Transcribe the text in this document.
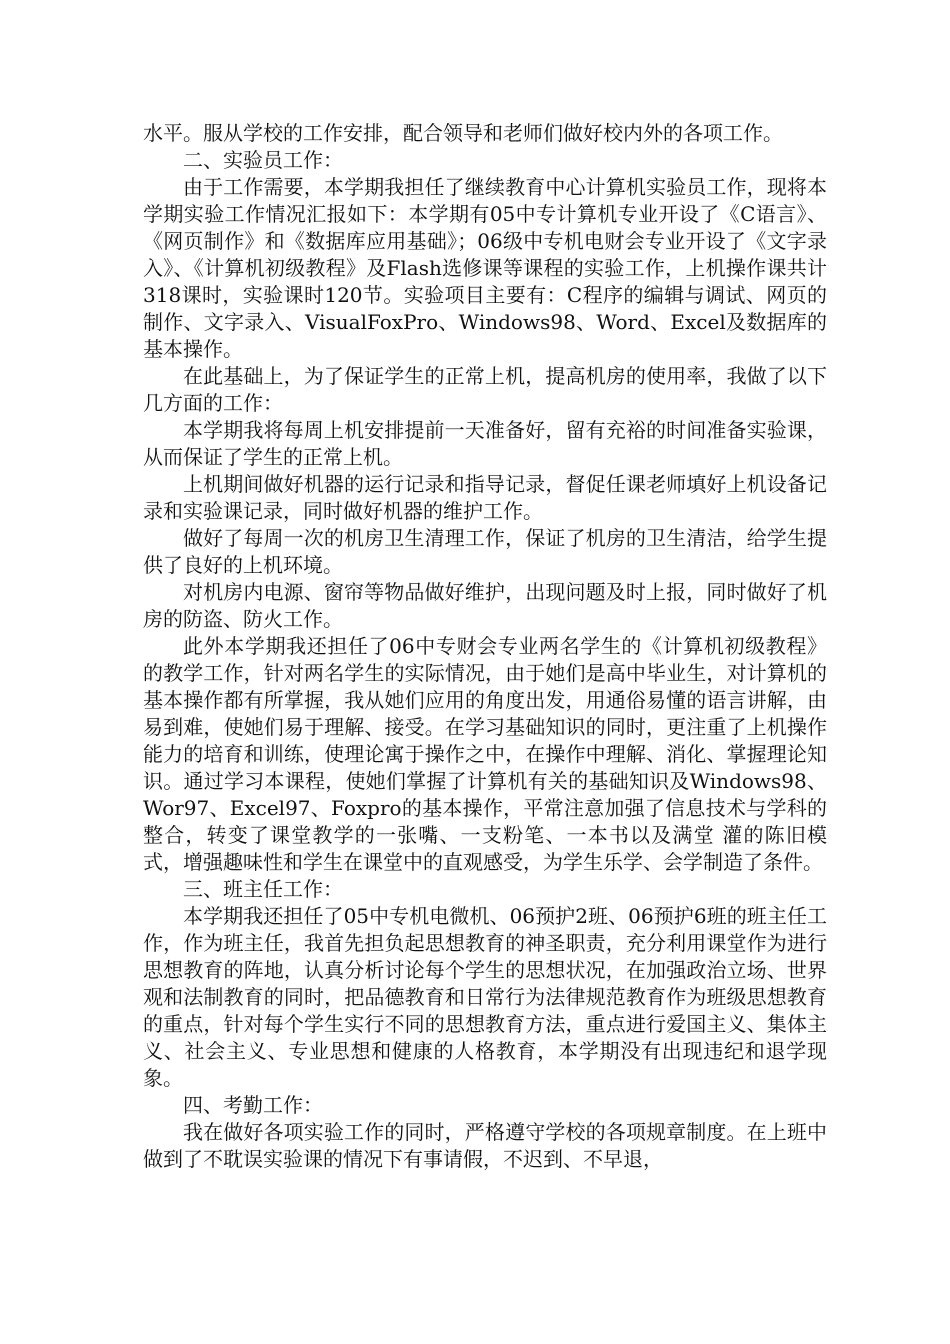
水平。服从学校的工作安排，配合领导和老师们做好校内外的各项工作。

二、实验员工作：

由于工作需要，本学期我担任了继续教育中心计算机实验员工作，现将本学期实验工作情况汇报如下：本学期有05中专计算机专业开设了《C语言》、《网页制作》和《数据库应用基础》；06级中专机电财会专业开设了《文字录入》、《计算机初级教程》及Flash选修课等课程的实验工作，上机操作课共计318课时，实验课时120节。实验项目主要有：C程序的编辑与调试、网页的制作、文字录入、VisualFoxPro、Windows98、Word、Excel及数据库的基本操作。

在此基础上，为了保证学生的正常上机，提高机房的使用率，我做了以下几方面的工作：

本学期我将每周上机安排提前一天准备好，留有充裕的时间准备实验课，从而保证了学生的正常上机。

上机期间做好机器的运行记录和指导记录，督促任课老师填好上机设备记录和实验课记录，同时做好机器的维护工作。

做好了每周一次的机房卫生清理工作，保证了机房的卫生清洁，给学生提供了良好的上机环境。

对机房内电源、窗帘等物品做好维护，出现问题及时上报，同时做好了机房的防盗、防火工作。

此外本学期我还担任了06中专财会专业两名学生的《计算机初级教程》的教学工作，针对两名学生的实际情况，由于她们是高中毕业生，对计算机的基本操作都有所掌握，我从她们应用的角度出发，用通俗易懂的语言讲解，由易到难，使她们易于理解、接受。在学习基础知识的同时，更注重了上机操作能力的培育和训练，使理论寓于操作之中，在操作中理解、消化、掌握理论知识。通过学习本课程，使她们掌握了计算机有关的基础知识及Windows98、Wor97、Excel97、Foxpro的基本操作，平常注意加强了信息技术与学科的整合，转变了课堂教学的一张嘴、一支粉笔、一本书以及满堂 灌的陈旧模式，增强趣味性和学生在课堂中的直观感受，为学生乐学、会学制造了条件。

三、班主任工作：

本学期我还担任了05中专机电微机、06预护2班、06预护6班的班主任工作，作为班主任，我首先担负起思想教育的神圣职责，充分利用课堂作为进行思想教育的阵地，认真分析讨论每个学生的思想状况，在加强政治立场、世界观和法制教育的同时，把品德教育和日常行为法律规范教育作为班级思想教育的重点，针对每个学生实行不同的思想教育方法，重点进行爱国主义、集体主义、社会主义、专业思想和健康的人格教育，本学期没有出现违纪和退学现象。

四、考勤工作：

我在做好各项实验工作的同时，严格遵守学校的各项规章制度。在上班中做到了不耽误实验课的情况下有事请假，不迟到、不早退，
